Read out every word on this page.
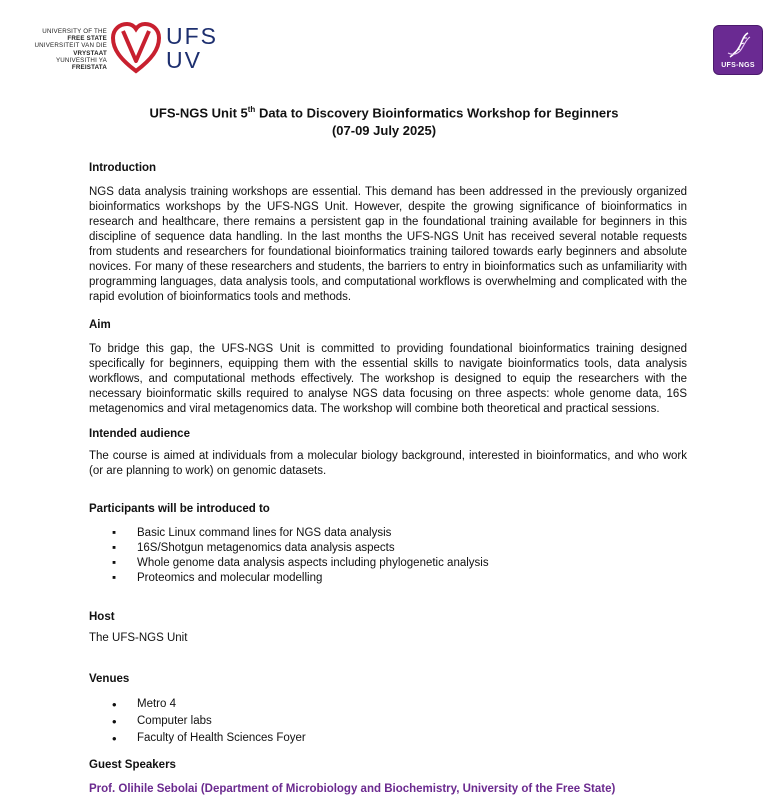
UNIVERSITY OF THE
FREE STATE
UNIVERSITEIT VAN DIE
VRYSTAAT
YUNIVESITHI YA
FREISTATA
UFS
UV	UFS-NGS
UFS-NGS Unit 5th Data to Discovery Bioinformatics Workshop for Beginners
(07-09 July 2025)
Introduction

NGS data analysis training workshops are essential. This demand has been addressed in the previously organized bioinformatics workshops by the UFS-NGS Unit. However, despite the growing significance of bioinformatics in research and healthcare, there remains a persistent gap in the foundational training available for beginners in this discipline of sequence data handling. In the last months the UFS-NGS Unit has received several notable requests from students and researchers for foundational bioinformatics training tailored towards early beginners and absolute novices. For many of these researchers and students, the barriers to entry in bioinformatics such as unfamiliarity with programming languages, data analysis tools, and computational workflows is overwhelming and complicated with the rapid evolution of bioinformatics tools and methods.

Aim

To bridge this gap, the UFS-NGS Unit is committed to providing foundational bioinformatics training designed specifically for beginners, equipping them with the essential skills to navigate bioinformatics tools, data analysis workflows, and computational methods effectively. The workshop is designed to equip the researchers with the necessary bioinformatic skills required to analyse NGS data focusing on three aspects: whole genome data, 16S metagenomics and viral metagenomics data. The workshop will combine both theoretical and practical sessions.

Intended audience

The course is aimed at individuals from a molecular biology background, interested in bioinformatics, and who work (or are planning to work) on genomic datasets.

Participants will be introduced to
▪ Basic Linux command lines for NGS data analysis
▪ 16S/Shotgun metagenomics data analysis aspects
▪ Whole genome data analysis aspects including phylogenetic analysis
▪ Proteomics and molecular modelling
Host

The UFS-NGS Unit

Venues
• Metro 4
• Computer labs
• Faculty of Health Sciences Foyer
Guest Speakers
Prof. Olihile Sebolai (Department of Microbiology and Biochemistry, University of the Free State)
